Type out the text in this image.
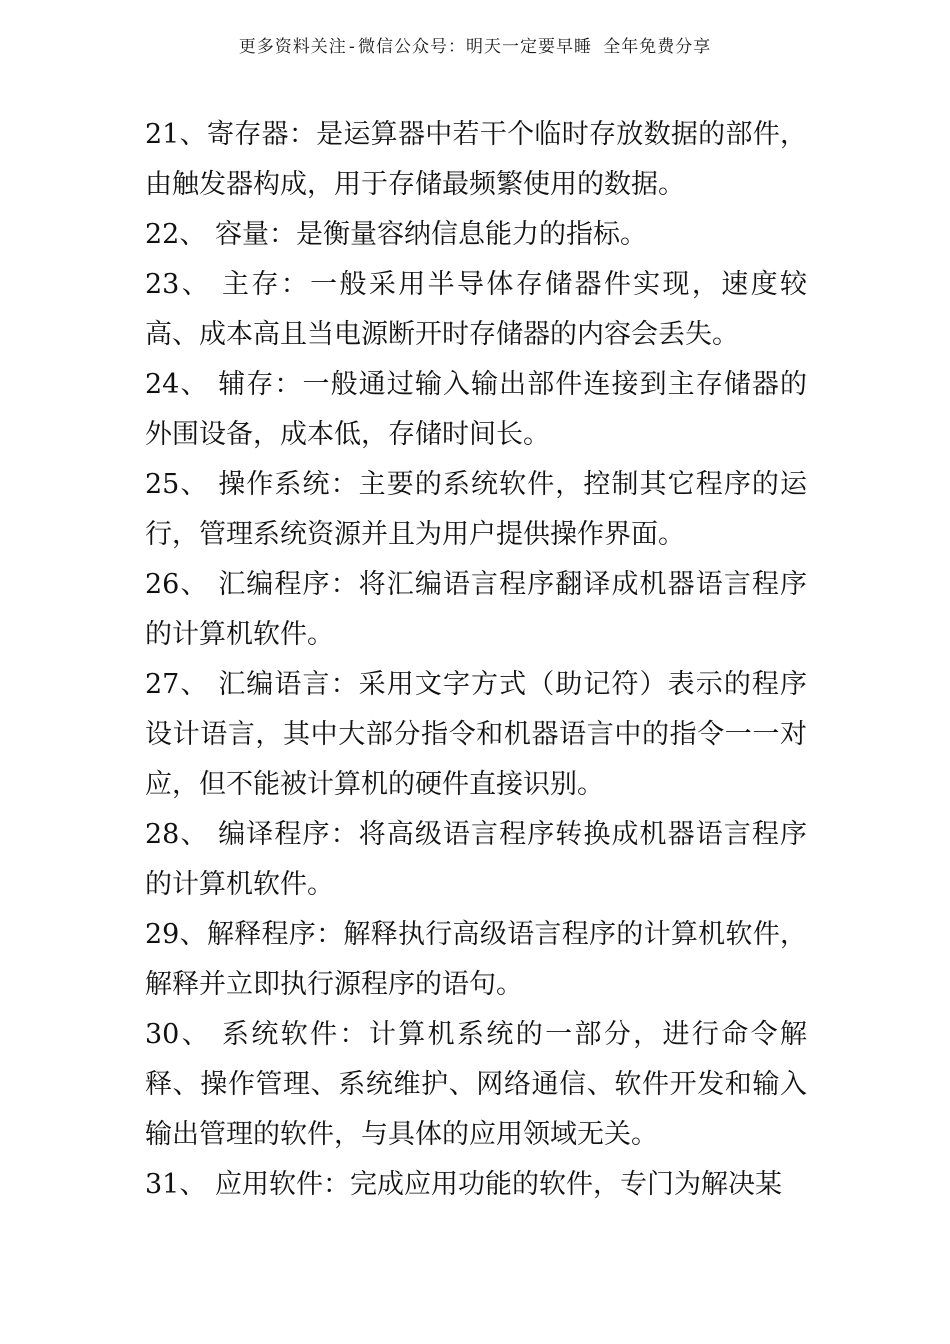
更多资料关注-微信公众号：明天一定要早睡 全年免费分享

21、寄存器：是运算器中若干个临时存放数据的部件，由触发器构成，用于存储最频繁使用的数据。

22、 容量：是衡量容纳信息能力的指标。

23、 主存：一般采用半导体存储器件实现，速度较高、成本高且当电源断开时存储器的内容会丢失。

24、 辅存：一般通过输入输出部件连接到主存储器的外围设备，成本低，存储时间长。

25、 操作系统：主要的系统软件，控制其它程序的运行，管理系统资源并且为用户提供操作界面。

26、 汇编程序：将汇编语言程序翻译成机器语言程序的计算机软件。

27、 汇编语言：采用文字方式（助记符）表示的程序设计语言，其中大部分指令和机器语言中的指令一一对应，但不能被计算机的硬件直接识别。

28、 编译程序：将高级语言程序转换成机器语言程序的计算机软件。

29、解释程序：解释执行高级语言程序的计算机软件，解释并立即执行源程序的语句。

30、 系统软件：计算机系统的一部分，进行命令解释、操作管理、系统维护、网络通信、软件开发和输入输出管理的软件，与具体的应用领域无关。

31、 应用软件：完成应用功能的软件，专门为解决某
